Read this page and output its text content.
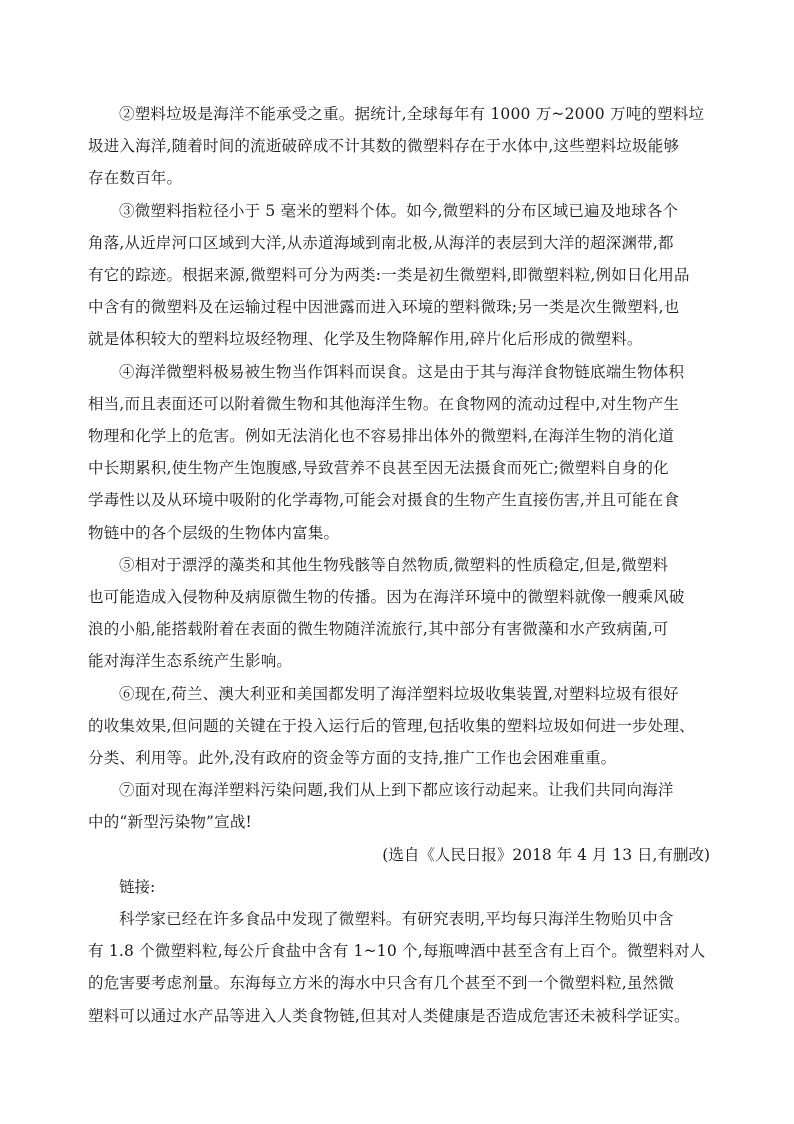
②塑料垃圾是海洋不能承受之重。据统计,全球每年有 1000 万~2000 万吨的塑料垃
圾进入海洋,随着时间的流逝破碎成不计其数的微塑料存在于水体中,这些塑料垃圾能够
存在数百年。

③微塑料指粒径小于 5 毫米的塑料个体。如今,微塑料的分布区域已遍及地球各个
角落,从近岸河口区域到大洋,从赤道海域到南北极,从海洋的表层到大洋的超深渊带,都
有它的踪迹。根据来源,微塑料可分为两类:一类是初生微塑料,即微塑料粒,例如日化用品
中含有的微塑料及在运输过程中因泄露而进入环境的塑料微珠;另一类是次生微塑料,也
就是体积较大的塑料垃圾经物理、化学及生物降解作用,碎片化后形成的微塑料。

④海洋微塑料极易被生物当作饵料而误食。这是由于其与海洋食物链底端生物体积
相当,而且表面还可以附着微生物和其他海洋生物。在食物网的流动过程中,对生物产生
物理和化学上的危害。例如无法消化也不容易排出体外的微塑料,在海洋生物的消化道
中长期累积,使生物产生饱腹感,导致营养不良甚至因无法摄食而死亡;微塑料自身的化
学毒性以及从环境中吸附的化学毒物,可能会对摄食的生物产生直接伤害,并且可能在食
物链中的各个层级的生物体内富集。

⑤相对于漂浮的藻类和其他生物残骸等自然物质,微塑料的性质稳定,但是,微塑料
也可能造成入侵物种及病原微生物的传播。因为在海洋环境中的微塑料就像一艘乘风破
浪的小船,能搭载附着在表面的微生物随洋流旅行,其中部分有害微藻和水产致病菌,可
能对海洋生态系统产生影响。

⑥现在,荷兰、澳大利亚和美国都发明了海洋塑料垃圾收集装置,对塑料垃圾有很好
的收集效果,但问题的关键在于投入运行后的管理,包括收集的塑料垃圾如何进一步处理、
分类、利用等。此外,没有政府的资金等方面的支持,推广工作也会困难重重。

⑦面对现在海洋塑料污染问题,我们从上到下都应该行动起来。让我们共同向海洋
中的“新型污染物”宣战!

(选自《人民日报》2018 年 4 月 13 日,有删改)

链接:

科学家已经在许多食品中发现了微塑料。有研究表明,平均每只海洋生物贻贝中含
有 1.8 个微塑料粒,每公斤食盐中含有 1~10 个,每瓶啤酒中甚至含有上百个。微塑料对人
的危害要考虑剂量。东海每立方米的海水中只含有几个甚至不到一个微塑料粒,虽然微
塑料可以通过水产品等进入人类食物链,但其对人类健康是否造成危害还未被科学证实。
